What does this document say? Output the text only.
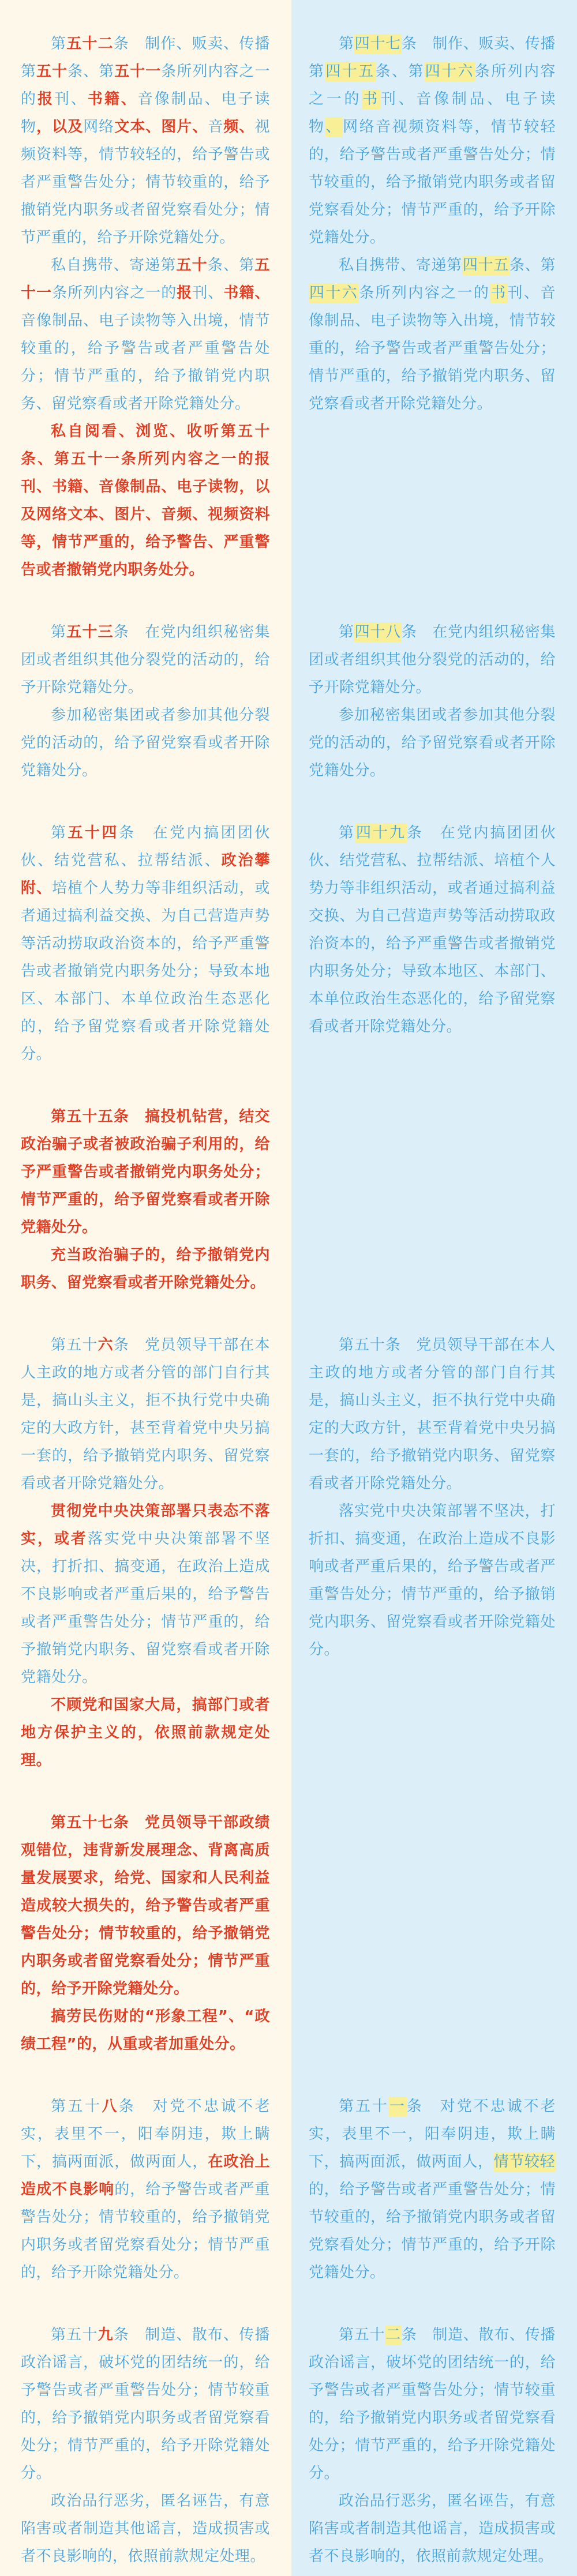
第五十二条　制作、贩卖、传播第五十条、第五十一条所列内容之一的报刊、书籍、音像制品、电子读物，以及网络文本、图片、音频、视频资料等，情节较轻的，给予警告或者严重警告处分；情节较重的，给予撤销党内职务或者留党察看处分；情节严重的，给予开除党籍处分。

私自携带、寄递第五十条、第五十一条所列内容之一的报刊、书籍、音像制品、电子读物等入出境，情节较重的，给予警告或者严重警告处分；情节严重的，给予撤销党内职务、留党察看或者开除党籍处分。

私自阅看、浏览、收听第五十条、第五十一条所列内容之一的报刊、书籍、音像制品、电子读物，以及网络文本、图片、音频、视频资料等，情节严重的，给予警告、严重警告或者撤销党内职务处分。

第四十七条　制作、贩卖、传播第四十五条、第四十六条所列内容之一的书刊、音像制品、电子读物、网络音视频资料等，情节较轻的，给予警告或者严重警告处分；情节较重的，给予撤销党内职务或者留党察看处分；情节严重的，给予开除党籍处分。

私自携带、寄递第四十五条、第四十六条所列内容之一的书刊、音像制品、电子读物等入出境，情节较重的，给予警告或者严重警告处分；情节严重的，给予撤销党内职务、留党察看或者开除党籍处分。

第五十三条　在党内组织秘密集团或者组织其他分裂党的活动的，给予开除党籍处分。

参加秘密集团或者参加其他分裂党的活动的，给予留党察看或者开除党籍处分。

第四十八条　在党内组织秘密集团或者组织其他分裂党的活动的，给予开除党籍处分。

参加秘密集团或者参加其他分裂党的活动的，给予留党察看或者开除党籍处分。

第五十四条　在党内搞团团伙伙、结党营私、拉帮结派、政治攀附、培植个人势力等非组织活动，或者通过搞利益交换、为自己营造声势等活动捞取政治资本的，给予严重警告或者撤销党内职务处分；导致本地区、本部门、本单位政治生态恶化的，给予留党察看或者开除党籍处分。

第四十九条　在党内搞团团伙伙、结党营私、拉帮结派、培植个人势力等非组织活动，或者通过搞利益交换、为自己营造声势等活动捞取政治资本的，给予严重警告或者撤销党内职务处分；导致本地区、本部门、本单位政治生态恶化的，给予留党察看或者开除党籍处分。

第五十五条　搞投机钻营，结交政治骗子或者被政治骗子利用的，给予严重警告或者撤销党内职务处分；情节严重的，给予留党察看或者开除党籍处分。

充当政治骗子的，给予撤销党内职务、留党察看或者开除党籍处分。

第五十六条　党员领导干部在本人主政的地方或者分管的部门自行其是，搞山头主义，拒不执行党中央确定的大政方针，甚至背着党中央另搞一套的，给予撤销党内职务、留党察看或者开除党籍处分。

贯彻党中央决策部署只表态不落实，或者落实党中央决策部署不坚决，打折扣、搞变通，在政治上造成不良影响或者严重后果的，给予警告或者严重警告处分；情节严重的，给予撤销党内职务、留党察看或者开除党籍处分。

不顾党和国家大局，搞部门或者地方保护主义的，依照前款规定处理。

第五十条　党员领导干部在本人主政的地方或者分管的部门自行其是，搞山头主义，拒不执行党中央确定的大政方针，甚至背着党中央另搞一套的，给予撤销党内职务、留党察看或者开除党籍处分。

落实党中央决策部署不坚决，打折扣、搞变通，在政治上造成不良影响或者严重后果的，给予警告或者严重警告处分；情节严重的，给予撤销党内职务、留党察看或者开除党籍处分。

第五十七条　党员领导干部政绩观错位，违背新发展理念、背离高质量发展要求，给党、国家和人民利益造成较大损失的，给予警告或者严重警告处分；情节较重的，给予撤销党内职务或者留党察看处分；情节严重的，给予开除党籍处分。

搞劳民伤财的“形象工程”、“政绩工程”的，从重或者加重处分。

第五十八条　对党不忠诚不老实，表里不一，阳奉阴违，欺上瞒下，搞两面派，做两面人，在政治上造成不良影响的，给予警告或者严重警告处分；情节较重的，给予撤销党内职务或者留党察看处分；情节严重的，给予开除党籍处分。

第五十一条　对党不忠诚不老实，表里不一，阳奉阴违，欺上瞒下，搞两面派，做两面人，情节较轻的，给予警告或者严重警告处分；情节较重的，给予撤销党内职务或者留党察看处分；情节严重的，给予开除党籍处分。

第五十九条　制造、散布、传播政治谣言，破坏党的团结统一的，给予警告或者严重警告处分；情节较重的，给予撤销党内职务或者留党察看处分；情节严重的，给予开除党籍处分。

政治品行恶劣，匿名诬告，有意陷害或者制造其他谣言，造成损害或者不良影响的，依照前款规定处理。

第五十二条　制造、散布、传播政治谣言，破坏党的团结统一的，给予警告或者严重警告处分；情节较重的，给予撤销党内职务或者留党察看处分；情节严重的，给予开除党籍处分。

政治品行恶劣，匿名诬告，有意陷害或者制造其他谣言，造成损害或者不良影响的，依照前款规定处理。
